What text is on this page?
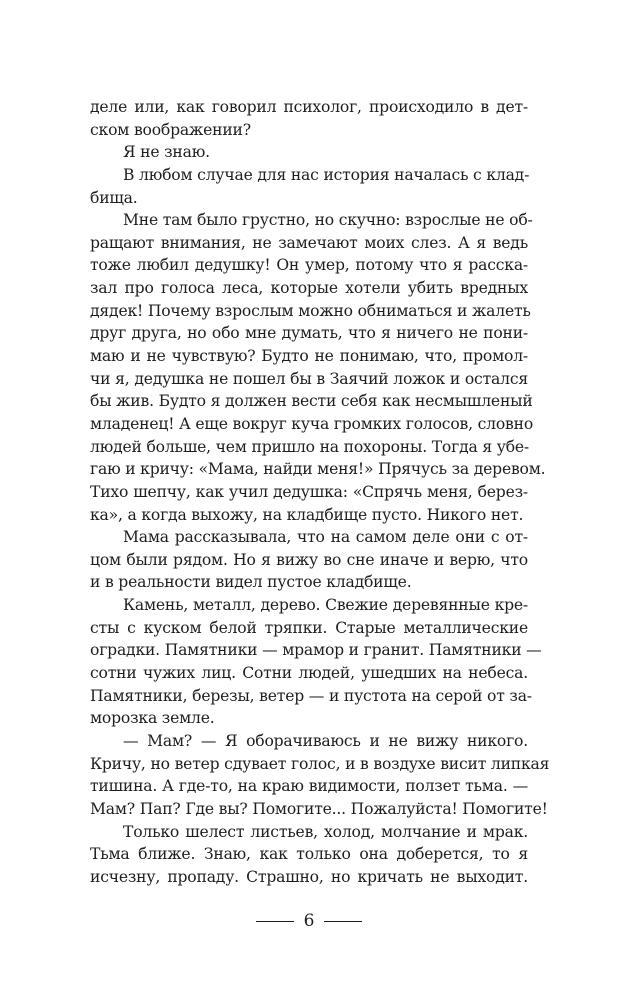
деле или, как говорил психолог, происходило в дет-
ском воображении?
Я не знаю.
В любом случае для нас история началась с клад-
бища.
Мне там было грустно, но скучно: взрослые не об-
ращают внимания, не замечают моих слез. А я ведь
тоже любил дедушку! Он умер, потому что я расска-
зал про голоса леса, которые хотели убить вредных
дядек! Почему взрослым можно обниматься и жалеть
друг друга, но обо мне думать, что я ничего не пони-
маю и не чувствую? Будто не понимаю, что, промол-
чи я, дедушка не пошел бы в Заячий ложок и остался
бы жив. Будто я должен вести себя как несмышленый
младенец! А еще вокруг куча громких голосов, словно
людей больше, чем пришло на похороны. Тогда я убе-
гаю и кричу: «Мама, найди меня!» Прячусь за деревом.
Тихо шепчу, как учил дедушка: «Спрячь меня, берез-
ка», а когда выхожу, на кладбище пусто. Никого нет.
Мама рассказывала, что на самом деле они с от-
цом были рядом. Но я вижу во сне иначе и верю, что
и в реальности видел пустое кладбище.
Камень, металл, дерево. Свежие деревянные кре-
сты с куском белой тряпки. Старые металлические
оградки. Памятники — мрамор и гранит. Памятники —
сотни чужих лиц. Сотни людей, ушедших на небеса.
Памятники, березы, ветер — и пустота на серой от за-
морозка земле.
— Мам? — Я оборачиваюсь и не вижу никого.
Кричу, но ветер сдувает голос, и в воздухе висит липкая
тишина. А где-то, на краю видимости, ползет тьма. —
Мам? Пап? Где вы? Помогите... Пожалуйста! Помогите!
Только шелест листьев, холод, молчание и мрак.
Тьма ближе. Знаю, как только она доберется, то я
исчезну, пропаду. Страшно, но кричать не выходит.
6
